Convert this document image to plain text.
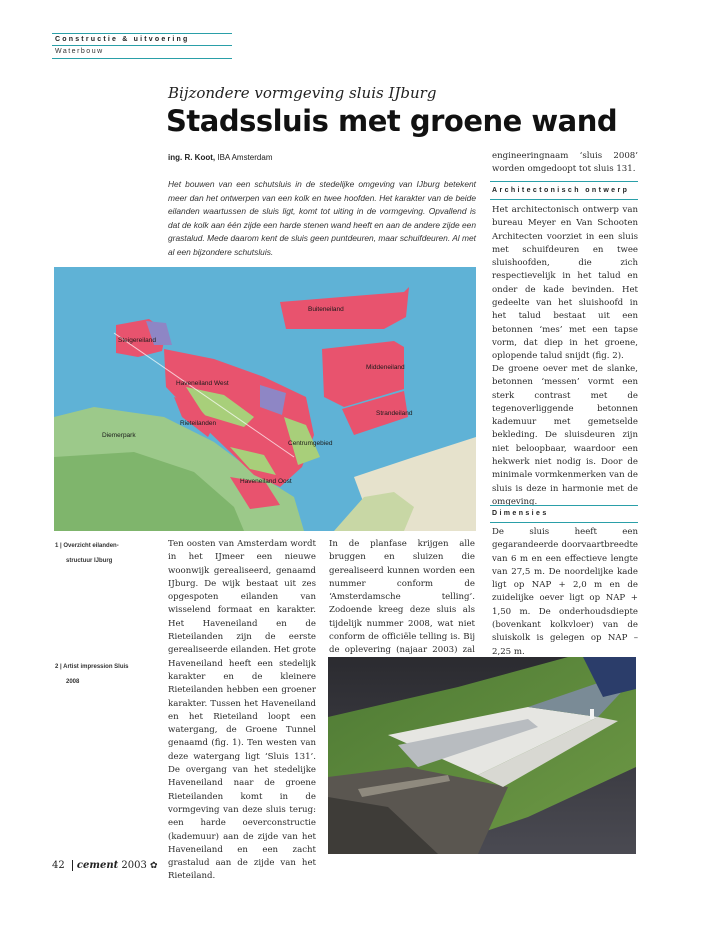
Constructie & uitvoering
Waterbouw
Bijzondere vormgeving sluis IJburg
Stadssluis met groene wand
ing. R. Koot, IBA Amsterdam
Het bouwen van een schutsluis in de stedelijke omgeving van IJburg betekent meer dan het ontwerpen van een kolk en twee hoofden. Het karakter van de beide eilanden waartussen de sluis ligt, komt tot uiting in de vormgeving. Opvallend is dat de kolk aan één zijde een harde stenen wand heeft en aan de andere zijde een grastalud. Mede daarom kent de sluis geen puntdeuren, maar schuifdeuren. Al met al een bijzondere schutsluis.
engineeringnaam ‘sluis 2008’ worden omgedoopt tot sluis 131.
Architectonisch ontwerp
Het architectonisch ontwerp van bureau Meyer en Van Schooten Architecten voorziet in een sluis met schuifdeuren en twee sluishoofden, die zich respectievelijk in het talud en onder de kade bevinden. Het gedeelte van het sluishoofd in het talud bestaat uit een betonnen ‘mes’ met een tapse vorm, dat diep in het groene, oplopende talud snijdt (fig. 2).
De groene oever met de slanke, betonnen ‘messen’ vormt een sterk contrast met de tegenoverliggende betonnen kademuur met gemetselde bekleding. De sluisdeuren zijn niet beloopbaar, waardoor een hekwerk niet nodig is. Door de minimale vormkenmerken van de sluis is deze in harmonie met de omgeving.
Dimensies
De sluis heeft een gegarandeerde doorvaartbreedte van 6 m en een effectieve lengte van 27,5 m. De noordelijke kade ligt op NAP + 2,0 m en de zuidelijke oever ligt op NAP + 1,50 m. De onderhoudsdiepte (bovenkant kolkvloer) van de sluiskolk is gelegen op NAP – 2,25 m.
Buiteneiland
Steigereiland
Middeneiland
Haveneiland West
Rieteilanden
Strandeiland
Diemerpark
Centrumgebied
Haveneiland Oost
1 | Overzicht eilanden-
structuur IJburg
2 | Artist impression Sluis
2008
Ten oosten van Amsterdam wordt in het IJmeer een nieuwe woonwijk gerealiseerd, genaamd IJburg. De wijk bestaat uit zes opgespoten eilanden van wisselend formaat en karakter. Het Haveneiland en de Rieteilanden zijn de eerste gerealiseerde eilanden. Het grote Haveneiland heeft een stedelijk karakter en de kleinere Rieteilanden hebben een groener karakter. Tussen het Haveneiland en het Rieteiland loopt een watergang, de Groene Tunnel genaamd (fig. 1). Ten westen van deze watergang ligt ‘Sluis 131’. De overgang van het stedelijke Haveneiland naar de groene Rieteilanden komt in de vormgeving van deze sluis terug: een harde oeverconstructie (kademuur) aan de zijde van het Haveneiland en een zacht grastalud aan de zijde van het Rieteiland.
In de planfase krijgen alle bruggen en sluizen die gerealiseerd kunnen worden een nummer conform de ‘Amsterdamsche telling’. Zodoende kreeg deze sluis als tijdelijk nummer 2008, wat niet conform de officiële telling is. Bij de oplevering (najaar 2003) zal
42 cement 2003 ✿
